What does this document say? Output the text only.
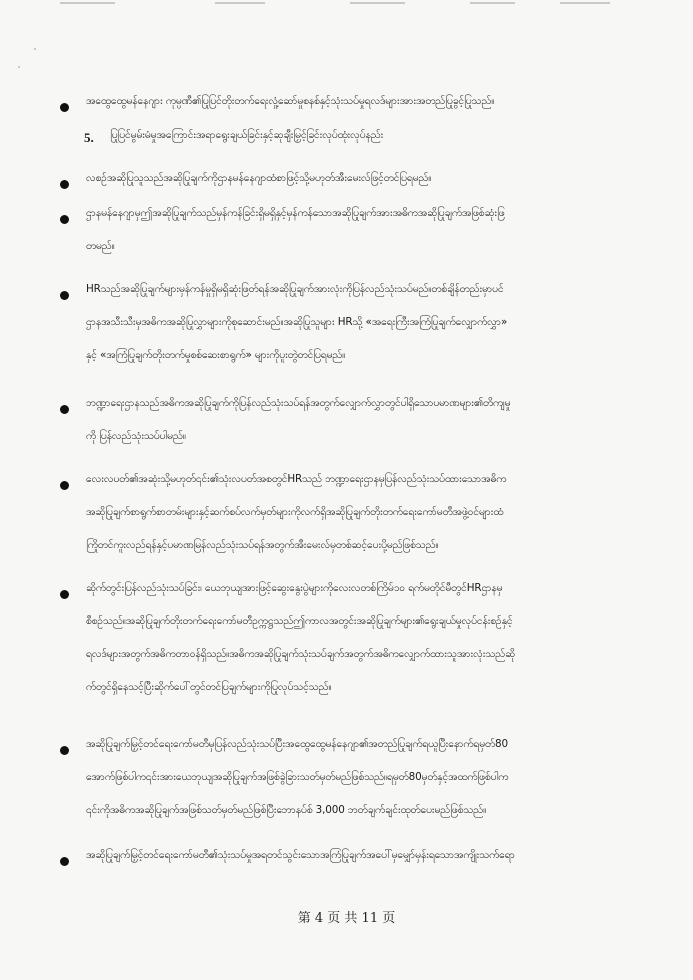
အထွေထွေမန်နေဂျား ကုမ္ပဏီ၏ပြုပြင်တိုးတက်ရေးလှုံ့ဆော်မှုစနစ်နှင့်သုံးသပ်မှုရလဒ်များအားအတည်ပြုခွင့်ပြုသည်။
5. ပြုပြင်မွမ်းမံမှုအကြောင်းအရာရွေးချယ်ခြင်းနှင့်ဆုချီးမြှင့်ခြင်းလုပ်ထုံးလုပ်နည်း
လစဉ်အဆိုပြုသူသည်အဆိုပြုချက်ကိုဌာနမန်နေဂျာထံစာဖြင့်သို့မဟုတ်အီးမေးလ်ဖြင့်တင်ပြရမည်။
ဌာနမန်နေဂျာမှဤအဆိုပြုချက်သည်မှန်ကန်ခြင်းရှိမရှိနှင့်မှန်ကန်သောအဆိုပြုချက်အားအဓိကအဆိုပြုချက်အဖြစ်ဆုံးဖြ
တမည်။
HRသည်အဆိုပြုချက်များမှန်ကန်မှုရှိမရှိဆုံးဖြတ်ရန်အဆိုပြုချက်အားလုံးကိုပြန်လည်သုံးသပ်မည်။တစ်ချိန်တည်းမှာပင်
ဌာနအသီးသီးမှအဓိကအဆိုပြုလွှာများကိုစုဆောင်းမည်။အဆိုပြုသူများ HRသို့ «အရေးကြီးအကြံပြုချက်လျှောက်လွှာ»
နှင့် «အကြံပြုချက်တိုးတက်မှုစစ်ဆေးစာရွက်» များကိုပူးတွဲတင်ပြရမည်။
ဘဏ္ဍာရေးဌာနသည်အဓိကအဆိုပြုချက်ကိုပြန်လည်သုံးသပ်ရန်အတွက်လျှောက်လွှာတွင်ပါရှိသောပမာဏများ၏တိကျမှု
ကို ပြန်လည်သုံးသပ်ပါမည်။
လေးလပတ်၏အဆုံးသို့မဟုတ်၎င်း၏သုံးလပတ်အစတွင်HRသည် ဘဏ္ဍာရေးဌာနမှပြန်လည်သုံးသပ်ထားသောအဓိက
အဆိုပြုချက်စာရွက်စာတမ်းများနှင့်ဆက်စပ်လက်မှတ်များကိုလက်ရှိအဆိုပြုချက်တိုးတက်ရေးကော်မတီအဖွဲ့ဝင်များထံ
ကြိုတင်ကူးလည်ရန်နှင့်ပမာဏမြန်လည်သုံးသပ်ရန်အတွက်အီးမေးလ်မှတစ်ဆင့်ပေးပို့မည်ဖြစ်သည်။
ဆိုက်တွင်းပြန်လည်သုံးသပ်ခြင်း၊ ယေဘုယျအားဖြင့်ဆွေးနွေးပွဲများကိုလေးလတစ်ကြိမ်၁၀ ရက်မတိုင်မီတွင်HRဌာနမှ
စီစဉ်သည်။အဆိုပြုချက်တိုးတက်ရေးကော်မတီဥက္ကဋ္ဌသည်ဤကာလအတွင်းအဆိုပြုချက်များ၏ရွေးချယ်မှုလုပ်ငန်းစဉ်နှင့်
ရလဒ်များအတွက်အဓိကတာဝန်ရှိသည်။အဓိကအဆိုပြုချက်သုံးသပ်ချက်အတွက်အဓိကလျှောက်ထားသူအားလုံးသည်ဆို
က်တွင်ရှိနေသင့်ပြီးဆိုက်ပေါ်တွင်တင်ပြချက်များကိုပြုလုပ်သင့်သည်။
အဆိုပြုချက်မြှင့်တင်ရေးကော်မတီမှပြန်လည်သုံးသပ်ပြီးအထွေထွေမန်နေဂျာ၏အတည်ပြုချက်ရယူပြီးနောက်ရမှတ်80
အောက်ဖြစ်ပါက၎င်းအားယေဘုယျအဆိုပြုချက်အဖြစ်ခွဲခြားသတ်မှတ်မည်ဖြစ်သည်။ရမှတ်80မှတ်နှင့်အထက်ဖြစ်ပါက
၎င်းကိုအဓိကအဆိုပြုချက်အဖြစ်သတ်မှတ်မည်ဖြစ်ပြီးဘောနပ်စ် 3,000 ဘတ်ချက်ချင်းထုတ်ပေးမည်ဖြစ်သည်။
အဆိုပြုချက်မြှင့်တင်ရေးကော်မတီ၏သုံးသပ်မှုအရတင်သွင်းသောအကြံပြုချက်အပေါ်မှမျှော်မှန်းရသောအကျိုးသက်ရော
第 4 页 共 11 页
